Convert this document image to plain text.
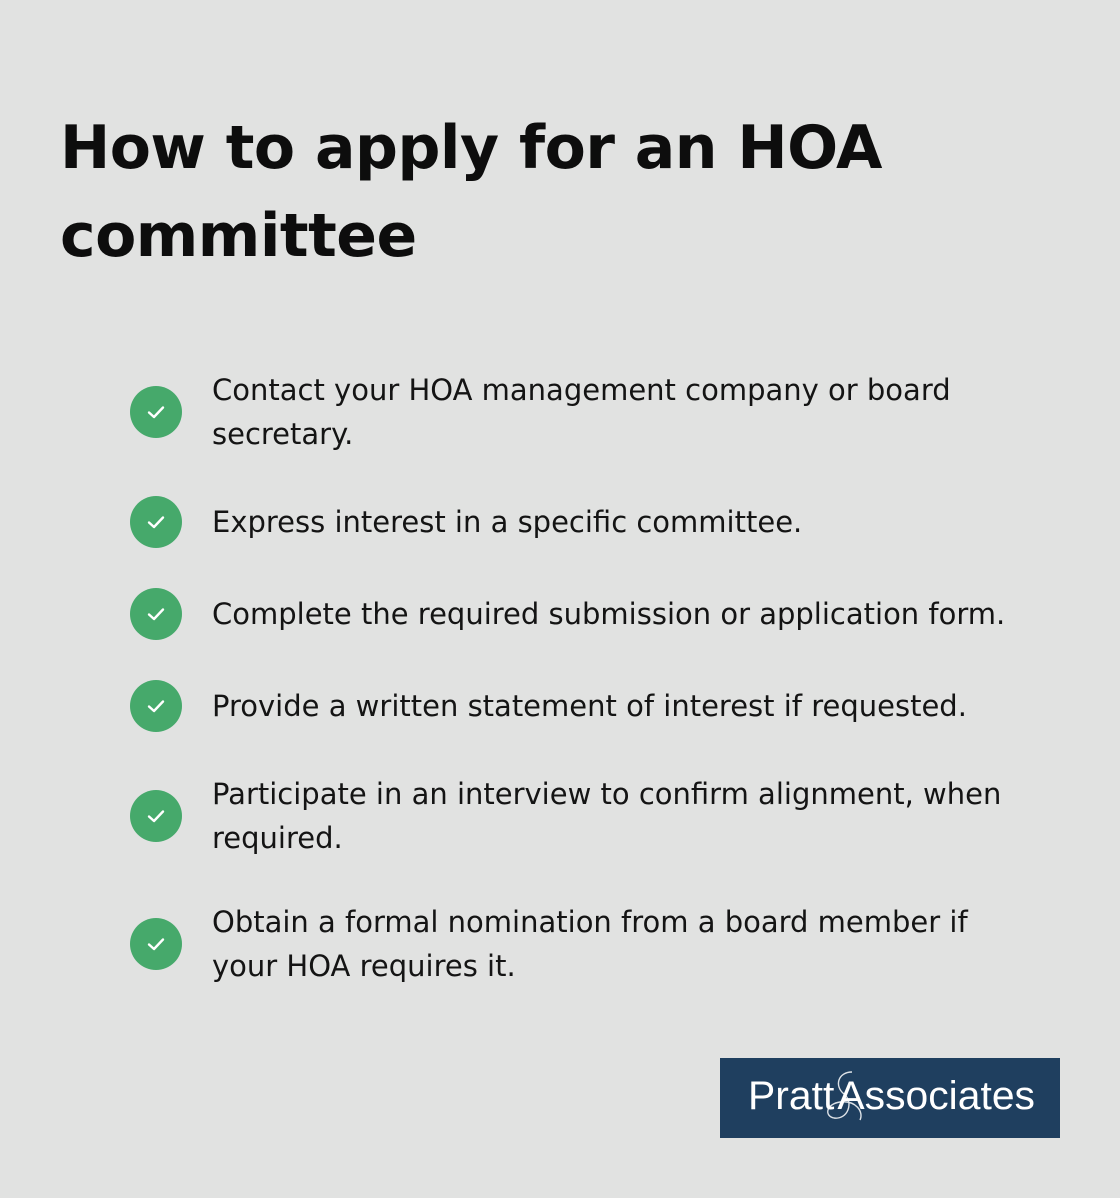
How to apply for an HOA committee
Contact your HOA management company or board secretary.
Express interest in a specific committee.
Complete the required submission or application form.
Provide a written statement of interest if requested.
Participate in an interview to confirm alignment, when required.
Obtain a formal nomination from a board member if your HOA requires it.
Pratt Associates
